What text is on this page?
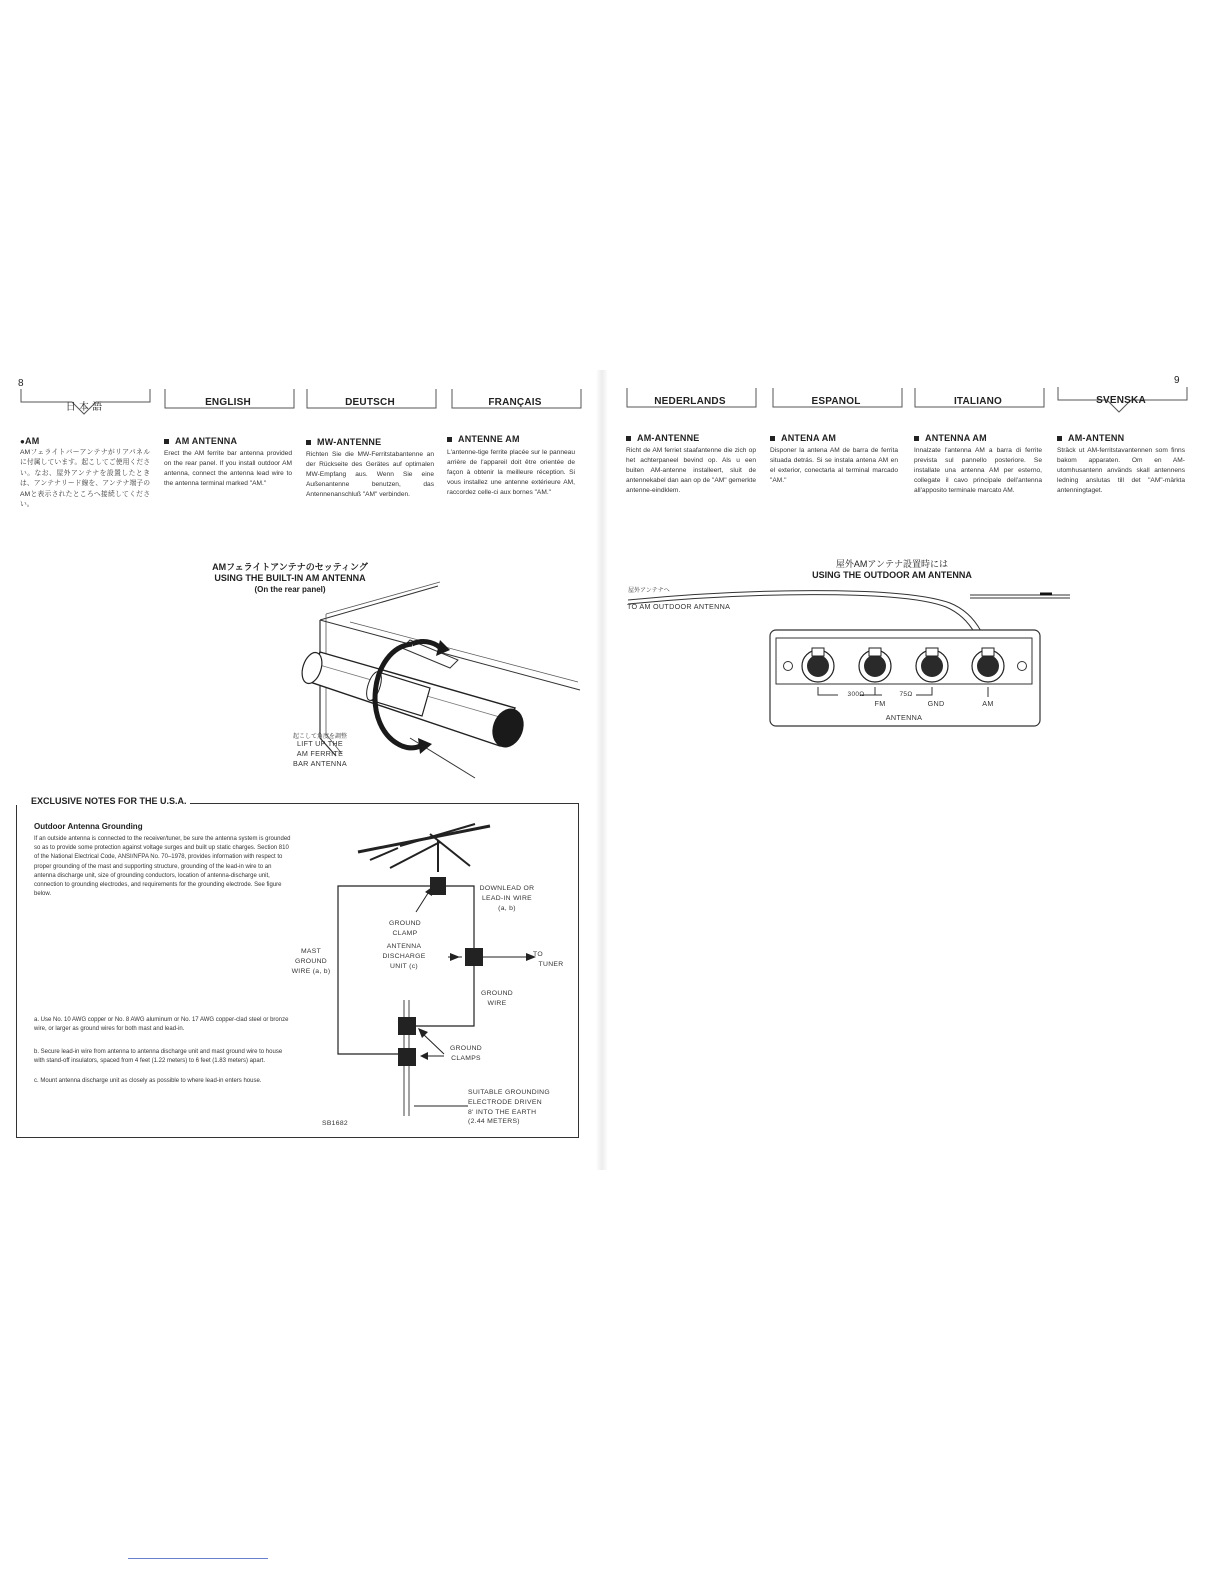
8	9
日 本 語	ENGLISH	DEUTSCH	FRANÇAIS	NEDERLANDS	ESPANOL	ITALIANO	SVENSKA
●AM
AMフェライトバーアンテナがリアパネルに付属しています。起こしてご使用ください。なお、屋外アンテナを設置したときは、アンテナリード線を、アンテナ端子のAMと表示されたところへ接続してください。
AM ANTENNA
Erect the AM ferrite bar antenna provided on the rear panel. If you install outdoor AM antenna, connect the antenna lead wire to the antenna terminal marked "AM."
MW-ANTENNE
Richten Sie die MW-Ferritstabantenne an der Rückseite des Gerätes auf optimalen MW-Empfang aus. Wenn Sie eine Außenantenne benutzen, das Antennenanschluß "AM" verbinden.
ANTENNE AM
L'antenne-tige ferrite placée sur le panneau arrière de l'appareil doit être orientée de façon à obtenir la meilleure réception. Si vous installez une antenne extérieure AM, raccordez celle-ci aux bornes "AM."
AM-ANTENNE
Richt de AM ferriet staafantenne die zich op het achterpaneel bevind op. Als u een buiten AM-antenne installeert, sluit de antennekabel dan aan op de "AM" gemerkte antenne-eindklem.
ANTENA AM
Disponer la antena AM de barra de ferrita situada detrás. Si se instala antena AM en el exterior, conectarla al terminal marcado "AM."
ANTENNA AM
Innalzate l'antenna AM a barra di ferrite prevista sul pannello posteriore. Se installate una antenna AM per esterno, collegate il cavo principale dell'antenna all'apposito terminale marcato AM.
AM-ANTENN
Sträck ut AM-ferritstavantennen som finns bakom apparaten. Om en AM-utomhusantenn används skall antennens ledning anslutas till det "AM"-märkta antenningtaget.
AMフェライトアンテナのセッティング
USING THE BUILT-IN AM ANTENNA
(On the rear panel)
起こして角度を調整
LIFT UP THE
AM FERRITE
BAR ANTENNA
屋外AMアンテナ設置時には
USING THE OUTDOOR AM ANTENNA
屋外アンテナへ
TO AM OUTDOOR ANTENNA
300Ω	75Ω
FM	GND	AM
ANTENNA
EXCLUSIVE NOTES FOR THE U.S.A.
Outdoor Antenna Grounding
If an outside antenna is connected to the receiver/tuner, be sure the antenna system is grounded so as to provide some protection against voltage surges and built up static charges. Section 810 of the National Electrical Code, ANSI/NFPA No. 70–1978, provides information with respect to proper grounding of the mast and supporting structure, grounding of the lead-in wire to an antenna discharge unit, size of grounding conductors, location of antenna-discharge unit, connection to grounding electrodes, and requirements for the grounding electrode. See figure below.
a. Use No. 10 AWG copper or No. 8 AWG aluminum or No. 17 AWG copper-clad steel or bronze wire, or larger as ground wires for both mast and lead-in.
b. Secure lead-in wire from antenna to antenna discharge unit and mast ground wire to house with stand-off insulators, spaced from 4 feet (1.22 meters) to 6 feet (1.83 meters) apart.
c. Mount antenna discharge unit as closely as possible to where lead-in enters house.
DOWNLEAD OR
LEAD-IN WIRE
(a, b)
GROUND
CLAMP
ANTENNA
DISCHARGE
UNIT (c)
MAST
GROUND
WIRE (a, b)
TO
TUNER
GROUND
WIRE
GROUND
CLAMPS
SUITABLE GROUNDING
ELECTRODE DRIVEN
8' INTO THE EARTH
(2.44 METERS)
SB1682
